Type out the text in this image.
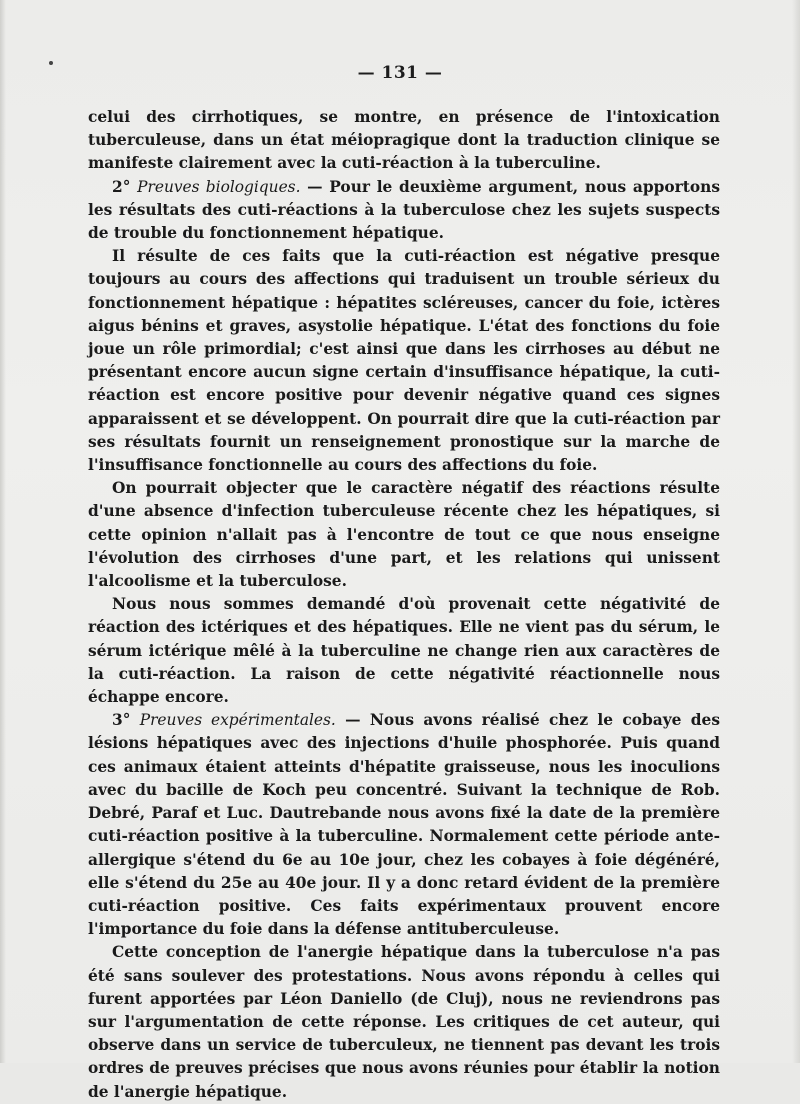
— 131 —

celui des cirrhotiques, se montre, en présence de l'intoxication tuberculeuse, dans un état méiopragique dont la traduction clinique se manifeste clairement avec la cuti-réaction à la tuberculine.

2° Preuves biologiques. — Pour le deuxième argument, nous apportons les résultats des cuti-réactions à la tuberculose chez les sujets suspects de trouble du fonctionnement hépatique.

Il résulte de ces faits que la cuti-réaction est négative presque toujours au cours des affections qui traduisent un trouble sérieux du fonctionnement hépatique : hépatites scléreuses, cancer du foie, ictères aigus bénins et graves, asystolie hépatique. L'état des fonctions du foie joue un rôle primordial; c'est ainsi que dans les cirrhoses au début ne présentant encore aucun signe certain d'insuffisance hépatique, la cuti-réaction est encore positive pour devenir négative quand ces signes apparaissent et se développent. On pourrait dire que la cuti-réaction par ses résultats fournit un renseignement pronostique sur la marche de l'insuffisance fonctionnelle au cours des affections du foie.

On pourrait objecter que le caractère négatif des réactions résulte d'une absence d'infection tuberculeuse récente chez les hépatiques, si cette opinion n'allait pas à l'encontre de tout ce que nous enseigne l'évolution des cirrhoses d'une part, et les relations qui unissent l'alcoolisme et la tuberculose.

Nous nous sommes demandé d'où provenait cette négativité de réaction des ictériques et des hépatiques. Elle ne vient pas du sérum, le sérum ictérique mêlé à la tuberculine ne change rien aux caractères de la cuti-réaction. La raison de cette négativité réactionnelle nous échappe encore.

3° Preuves expérimentales. — Nous avons réalisé chez le cobaye des lésions hépatiques avec des injections d'huile phosphorée. Puis quand ces animaux étaient atteints d'hépatite graisseuse, nous les inoculions avec du bacille de Koch peu concentré. Suivant la technique de Rob. Debré, Paraf et Luc. Dautrebande nous avons fixé la date de la première cuti-réaction positive à la tuberculine. Normalement cette période ante-allergique s'étend du 6e au 10e jour, chez les cobayes à foie dégénéré, elle s'étend du 25e au 40e jour. Il y a donc retard évident de la première cuti-réaction positive. Ces faits expérimentaux prouvent encore l'importance du foie dans la défense antituberculeuse.

Cette conception de l'anergie hépatique dans la tuberculose n'a pas été sans soulever des protestations. Nous avons répondu à celles qui furent apportées par Léon Daniello (de Cluj), nous ne reviendrons pas sur l'argumentation de cette réponse. Les critiques de cet auteur, qui observe dans un service de tuberculeux, ne tiennent pas devant les trois ordres de preuves précises que nous avons réunies pour établir la notion de l'anergie hépatique.
